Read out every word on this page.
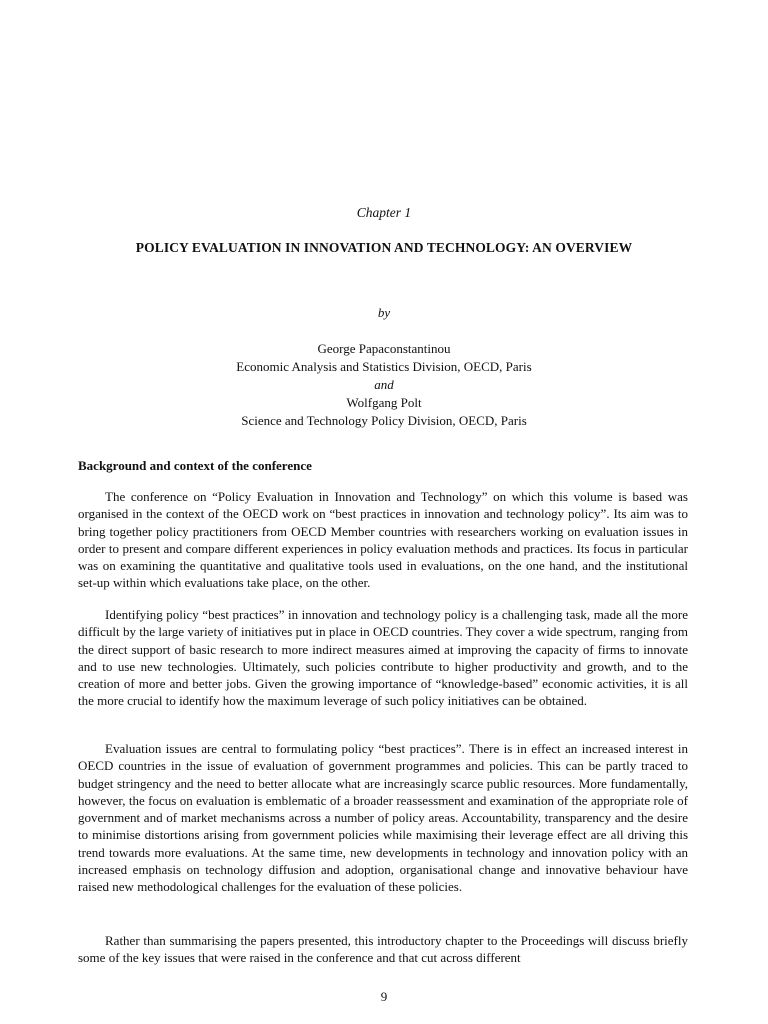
Chapter 1
POLICY EVALUATION IN INNOVATION AND TECHNOLOGY: AN OVERVIEW
by
George Papaconstantinou
Economic Analysis and Statistics Division, OECD, Paris
and
Wolfgang Polt
Science and Technology Policy Division, OECD, Paris
Background and context of the conference

The conference on “Policy Evaluation in Innovation and Technology” on which this volume is based was organised in the context of the OECD work on “best practices in innovation and technology policy”. Its aim was to bring together policy practitioners from OECD Member countries with researchers working on evaluation issues in order to present and compare different experiences in policy evaluation methods and practices. Its focus in particular was on examining the quantitative and qualitative tools used in evaluations, on the one hand, and the institutional set-up within which evaluations take place, on the other.

Identifying policy “best practices” in innovation and technology policy is a challenging task, made all the more difficult by the large variety of initiatives put in place in OECD countries. They cover a wide spectrum, ranging from the direct support of basic research to more indirect measures aimed at improving the capacity of firms to innovate and to use new technologies. Ultimately, such policies contribute to higher productivity and growth, and to the creation of more and better jobs. Given the growing importance of “knowledge-based” economic activities, it is all the more crucial to identify how the maximum leverage of such policy initiatives can be obtained.

Evaluation issues are central to formulating policy “best practices”. There is in effect an increased interest in OECD countries in the issue of evaluation of government programmes and policies. This can be partly traced to budget stringency and the need to better allocate what are increasingly scarce public resources. More fundamentally, however, the focus on evaluation is emblematic of a broader reassessment and examination of the appropriate role of government and of market mechanisms across a number of policy areas. Accountability, transparency and the desire to minimise distortions arising from government policies while maximising their leverage effect are all driving this trend towards more evaluations. At the same time, new developments in technology and innovation policy with an increased emphasis on technology diffusion and adoption, organisational change and innovative behaviour have raised new methodological challenges for the evaluation of these policies.

Rather than summarising the papers presented, this introductory chapter to the Proceedings will discuss briefly some of the key issues that were raised in the conference and that cut across different

9
